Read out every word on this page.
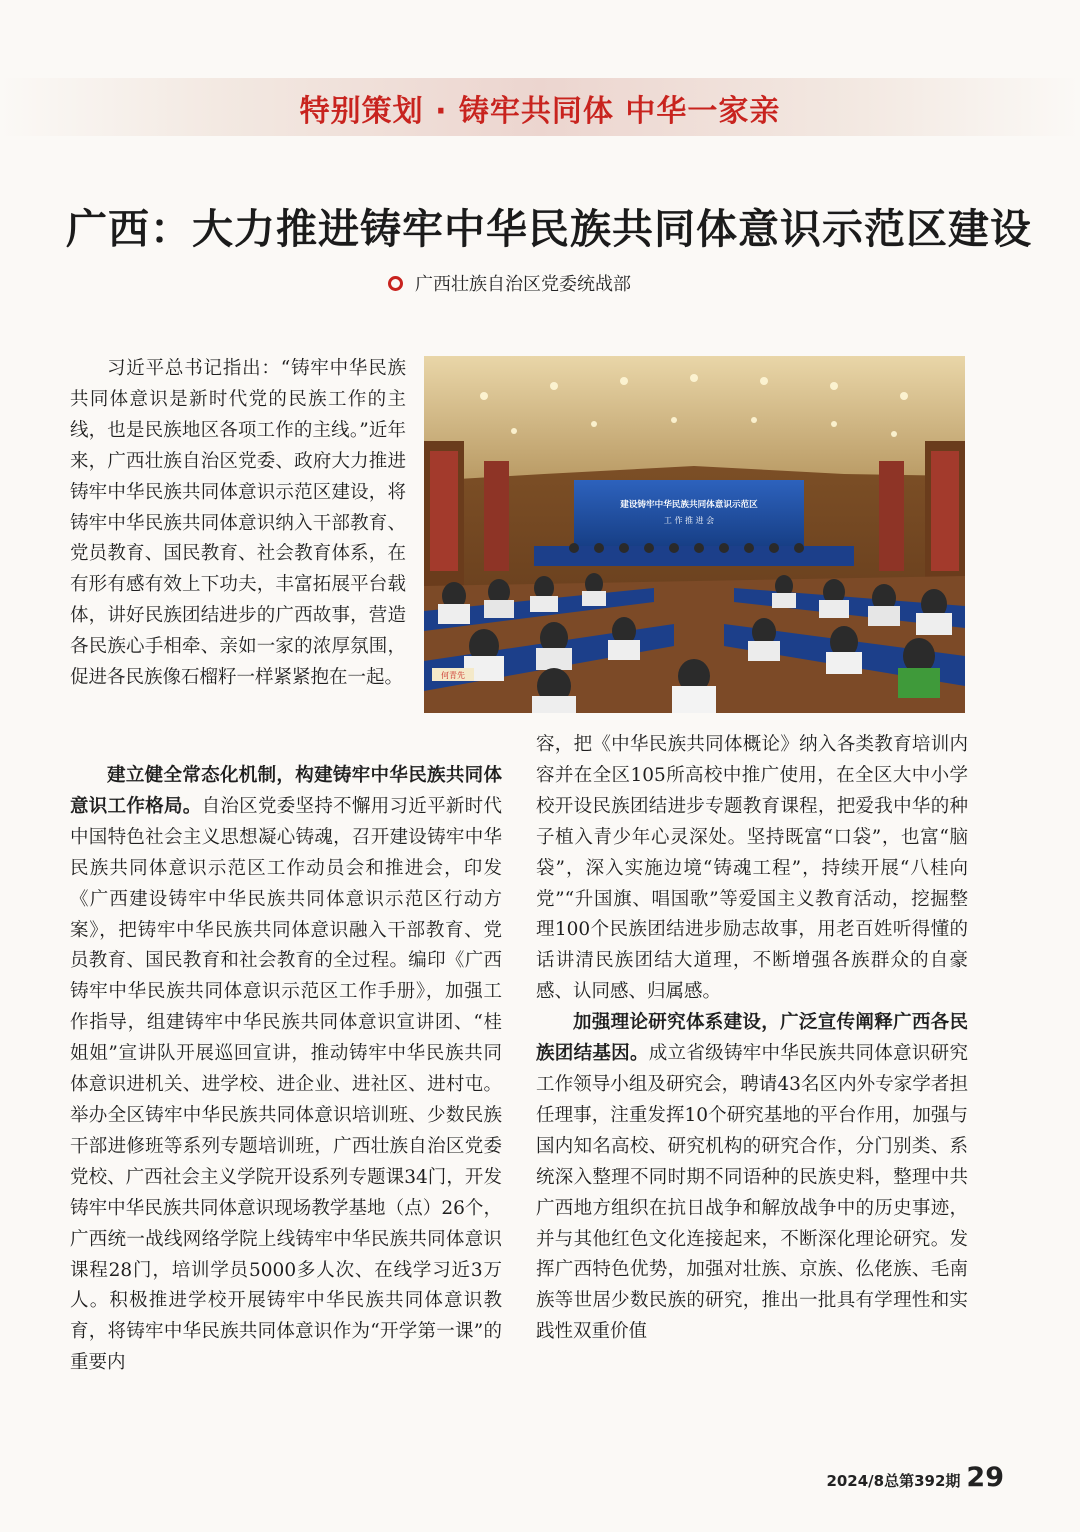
特别策划 · 铸牢共同体 中华一家亲
广西：大力推进铸牢中华民族共同体意识示范区建设
广西壮族自治区党委统战部

习近平总书记指出：“铸牢中华民族共同体意识是新时代党的民族工作的主线，也是民族地区各项工作的主线。”近年来，广西壮族自治区党委、政府大力推进铸牢中华民族共同体意识示范区建设，将铸牢中华民族共同体意识纳入干部教育、党员教育、国民教育、社会教育体系，在有形有感有效上下功夫，丰富拓展平台载体，讲好民族团结进步的广西故事，营造各民族心手相牵、亲如一家的浓厚氛围，促进各民族像石榴籽一样紧紧抱在一起。

建设铸牢中华民族共同体意识示范区
工 作 推 进 会
何青先

建立健全常态化机制，构建铸牢中华民族共同体意识工作格局。自治区党委坚持不懈用习近平新时代中国特色社会主义思想凝心铸魂，召开建设铸牢中华民族共同体意识示范区工作动员会和推进会，印发《广西建设铸牢中华民族共同体意识示范区行动方案》，把铸牢中华民族共同体意识融入干部教育、党员教育、国民教育和社会教育的全过程。编印《广西铸牢中华民族共同体意识示范区工作手册》，加强工作指导，组建铸牢中华民族共同体意识宣讲团、“桂姐姐”宣讲队开展巡回宣讲，推动铸牢中华民族共同体意识进机关、进学校、进企业、进社区、进村屯。举办全区铸牢中华民族共同体意识培训班、少数民族干部进修班等系列专题培训班，广西壮族自治区党委党校、广西社会主义学院开设系列专题课34门，开发铸牢中华民族共同体意识现场教学基地（点）26个，广西统一战线网络学院上线铸牢中华民族共同体意识课程28门，培训学员5000多人次、在线学习近3万人。积极推进学校开展铸牢中华民族共同体意识教育，将铸牢中华民族共同体意识作为“开学第一课”的重要内

容，把《中华民族共同体概论》纳入各类教育培训内容并在全区105所高校中推广使用，在全区大中小学校开设民族团结进步专题教育课程，把爱我中华的种子植入青少年心灵深处。坚持既富“口袋”，也富“脑袋”，深入实施边境“铸魂工程”，持续开展“八桂向党”“升国旗、唱国歌”等爱国主义教育活动，挖掘整理100个民族团结进步励志故事，用老百姓听得懂的话讲清民族团结大道理，不断增强各族群众的自豪感、认同感、归属感。

加强理论研究体系建设，广泛宣传阐释广西各民族团结基因。成立省级铸牢中华民族共同体意识研究工作领导小组及研究会，聘请43名区内外专家学者担任理事，注重发挥10个研究基地的平台作用，加强与国内知名高校、研究机构的研究合作，分门别类、系统深入整理不同时期不同语种的民族史料，整理中共广西地方组织在抗日战争和解放战争中的历史事迹，并与其他红色文化连接起来，不断深化理论研究。发挥广西特色优势，加强对壮族、京族、仫佬族、毛南族等世居少数民族的研究，推出一批具有学理性和实践性双重价值

2024/8总第392期 29
